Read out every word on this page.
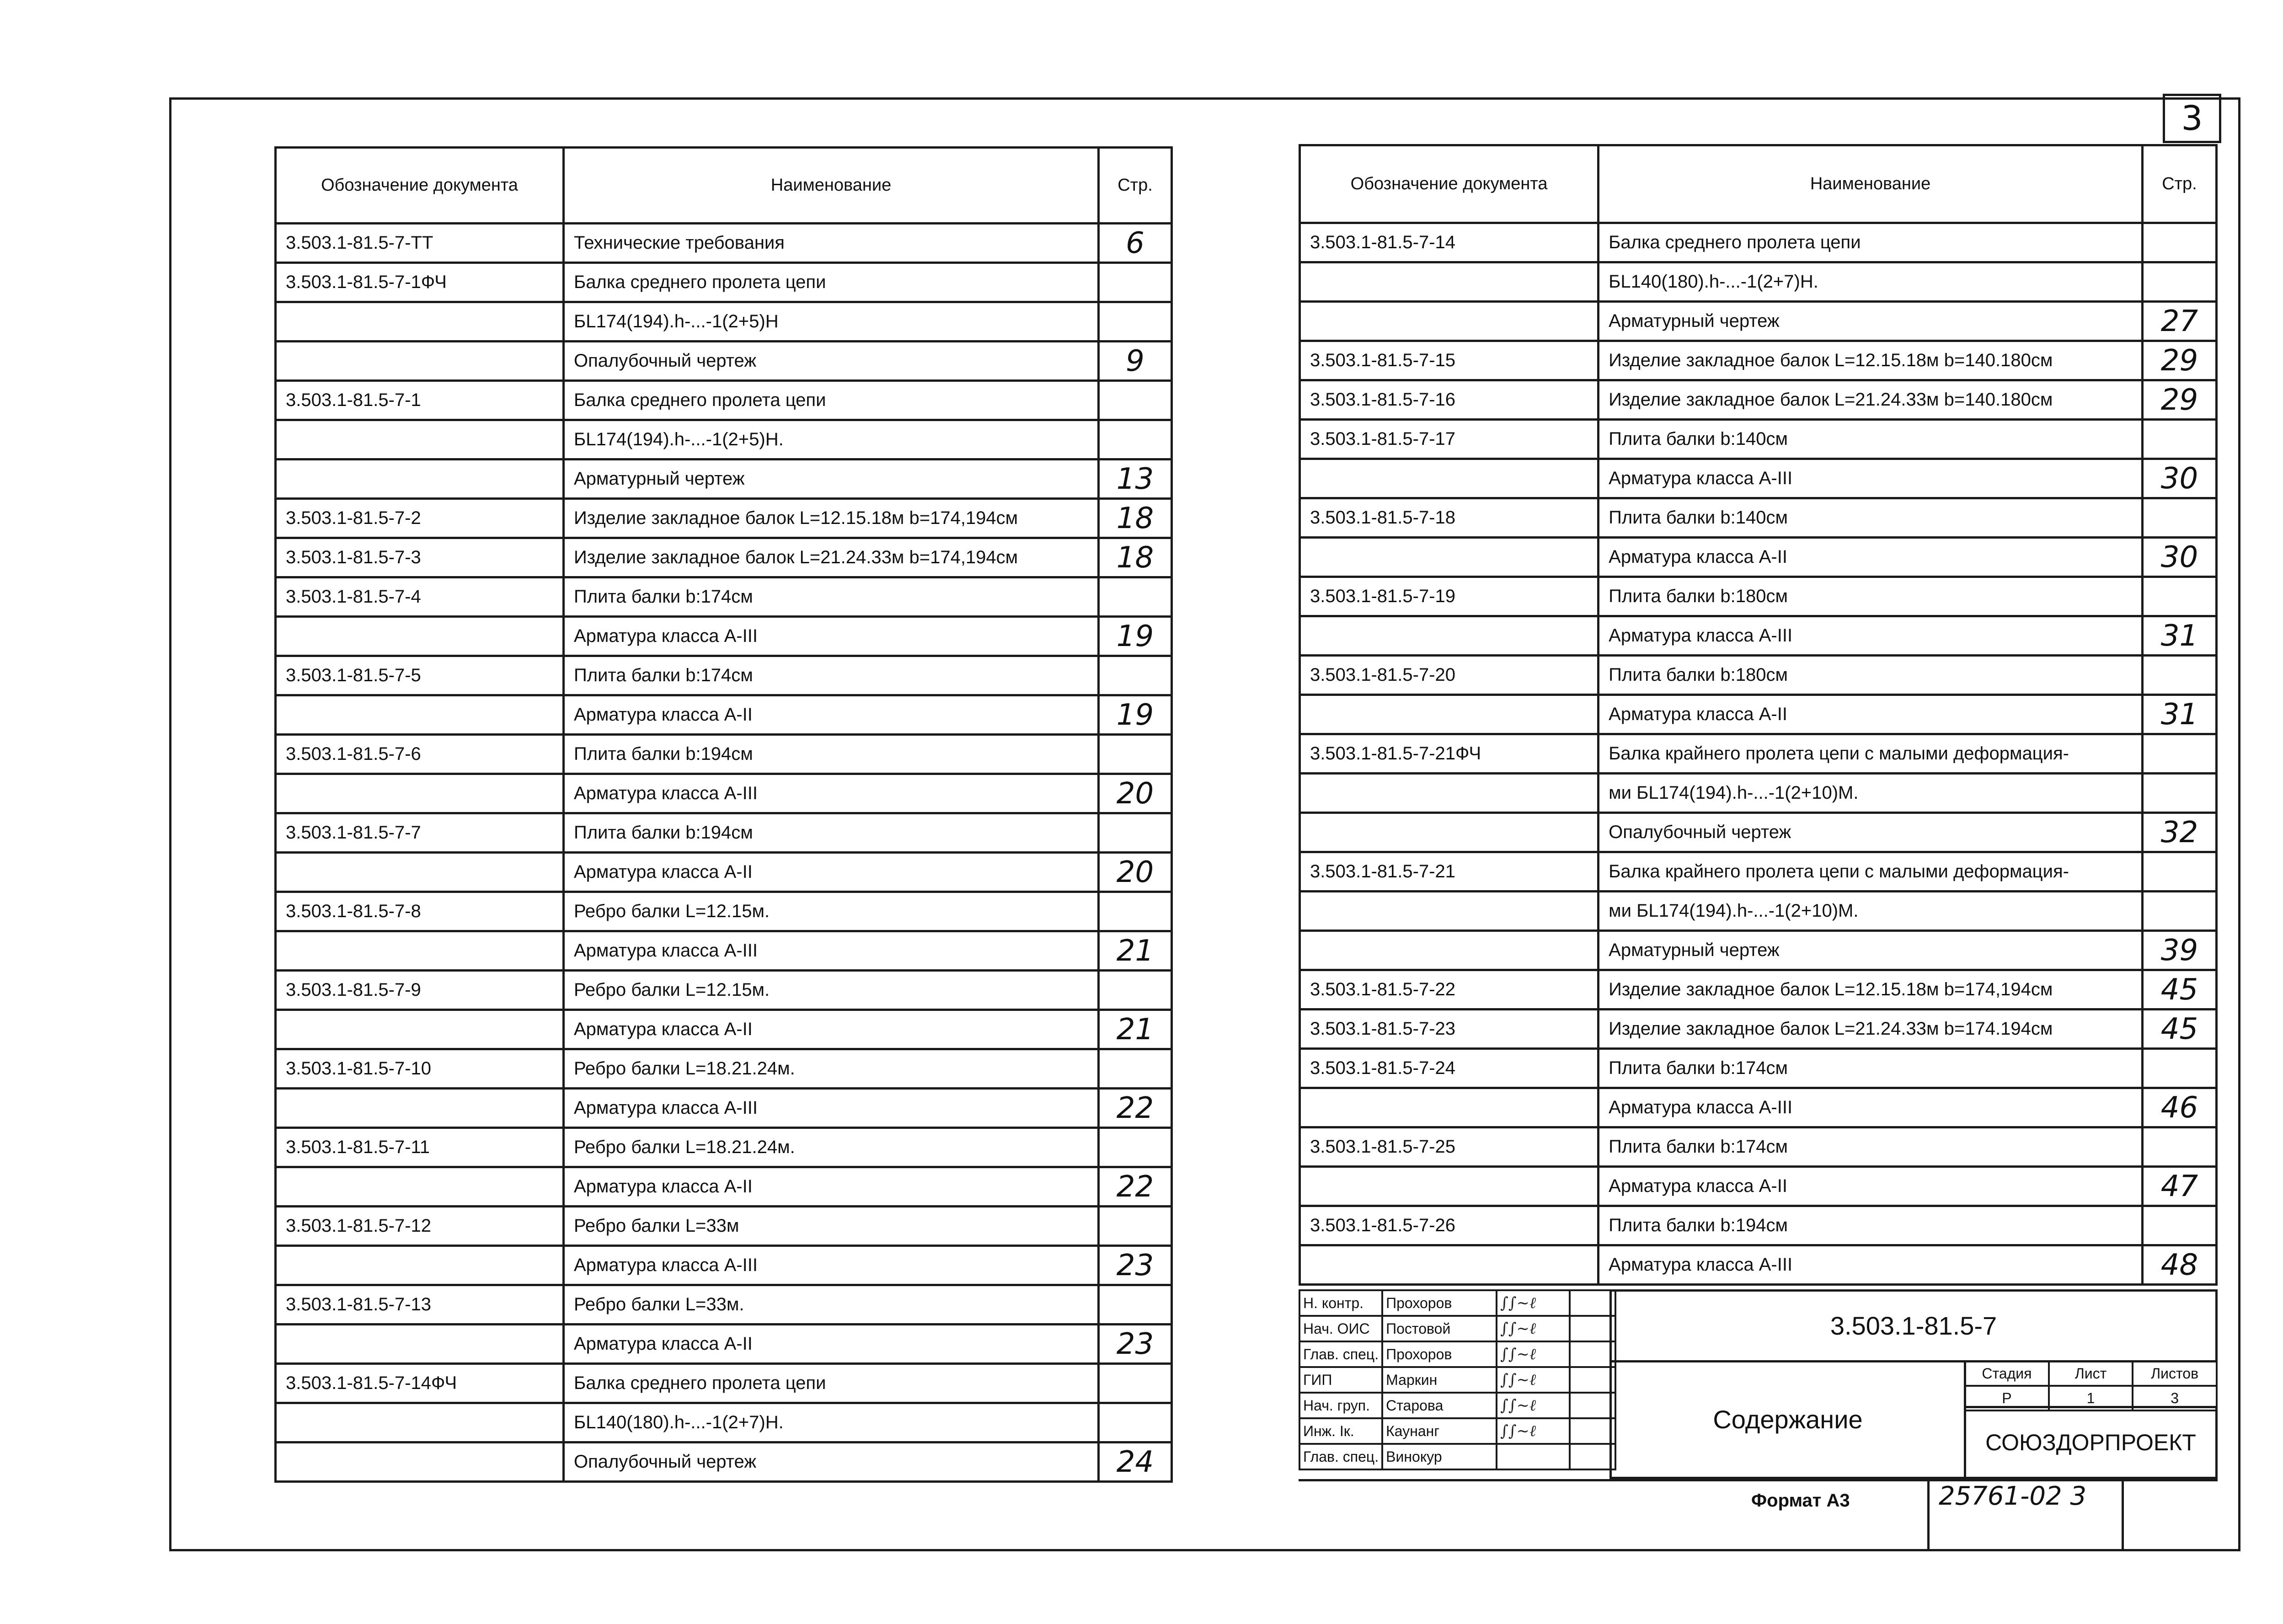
3
Обозначение документа	Наименование	Стр.
3.503.1-81.5-7-ТТ	Технические требования	6
3.503.1-81.5-7-1ФЧ	Балка среднего пролета цепи	
	БL174(194).h-...-1(2+5)Н	
	Опалубочный чертеж	9
3.503.1-81.5-7-1	Балка среднего пролета цепи	
	БL174(194).h-...-1(2+5)Н.	
	Арматурный чертеж	13
3.503.1-81.5-7-2	Изделие закладное балок L=12.15.18м b=174,194см	18
3.503.1-81.5-7-3	Изделие закладное балок L=21.24.33м b=174,194см	18
3.503.1-81.5-7-4	Плита балки b:174см	
	Арматура класса А-III	19
3.503.1-81.5-7-5	Плита балки b:174см	
	Арматура класса А-II	19
3.503.1-81.5-7-6	Плита балки b:194см	
	Арматура класса А-III	20
3.503.1-81.5-7-7	Плита балки b:194см	
	Арматура класса А-II	20
3.503.1-81.5-7-8	Ребро балки L=12.15м.	
	Арматура класса А-III	21
3.503.1-81.5-7-9	Ребро балки L=12.15м.	
	Арматура класса А-II	21
3.503.1-81.5-7-10	Ребро балки L=18.21.24м.	
	Арматура класса А-III	22
3.503.1-81.5-7-11	Ребро балки L=18.21.24м.	
	Арматура класса А-II	22
3.503.1-81.5-7-12	Ребро балки L=33м	
	Арматура класса А-III	23
3.503.1-81.5-7-13	Ребро балки L=33м.	
	Арматура класса А-II	23
3.503.1-81.5-7-14ФЧ	Балка среднего пролета цепи	
	БL140(180).h-...-1(2+7)Н.	
	Опалубочный чертеж	24
Обозначение документа	Наименование	Стр.
3.503.1-81.5-7-14	Балка среднего пролета цепи	
	БL140(180).h-...-1(2+7)Н.	
	Арматурный чертеж	27
3.503.1-81.5-7-15	Изделие закладное балок L=12.15.18м b=140.180см	29
3.503.1-81.5-7-16	Изделие закладное балок L=21.24.33м b=140.180см	29
3.503.1-81.5-7-17	Плита балки b:140см	
	Арматура класса А-III	30
3.503.1-81.5-7-18	Плита балки b:140см	
	Арматура класса А-II	30
3.503.1-81.5-7-19	Плита балки b:180см	
	Арматура класса А-III	31
3.503.1-81.5-7-20	Плита балки b:180см	
	Арматура класса А-II	31
3.503.1-81.5-7-21ФЧ	Балка крайнего пролета цепи с малыми деформация-	
	ми БL174(194).h-...-1(2+10)М.	
	Опалубочный чертеж	32
3.503.1-81.5-7-21	Балка крайнего пролета цепи с малыми деформация-	
	ми БL174(194).h-...-1(2+10)М.	
	Арматурный чертеж	39
3.503.1-81.5-7-22	Изделие закладное балок L=12.15.18м b=174,194см	45
3.503.1-81.5-7-23	Изделие закладное балок L=21.24.33м b=174.194см	45
3.503.1-81.5-7-24	Плита балки b:174см	
	Арматура класса А-III	46
3.503.1-81.5-7-25	Плита балки b:174см	
	Арматура класса А-II	47
3.503.1-81.5-7-26	Плита балки b:194см	
	Арматура класса А-III	48
Н. контр.	Прохоров	∫∫~ℓ	
Нач. ОИС	Постовой	∫∫~ℓ	
Глав. спец.	Прохоров	∫∫~ℓ	
ГИП	Маркин	∫∫~ℓ	
Нач. груп.	Старова	∫∫~ℓ	
Инж. Iк.	Каунанг	∫∫~ℓ	
Глав. спец.	Винокур		
3.503.1-81.5-7
Содержание
Стадия	Лист	Листов
Р	1	3
СОЮЗДОРПРОЕКТ
Формат А3	25761-02 3
